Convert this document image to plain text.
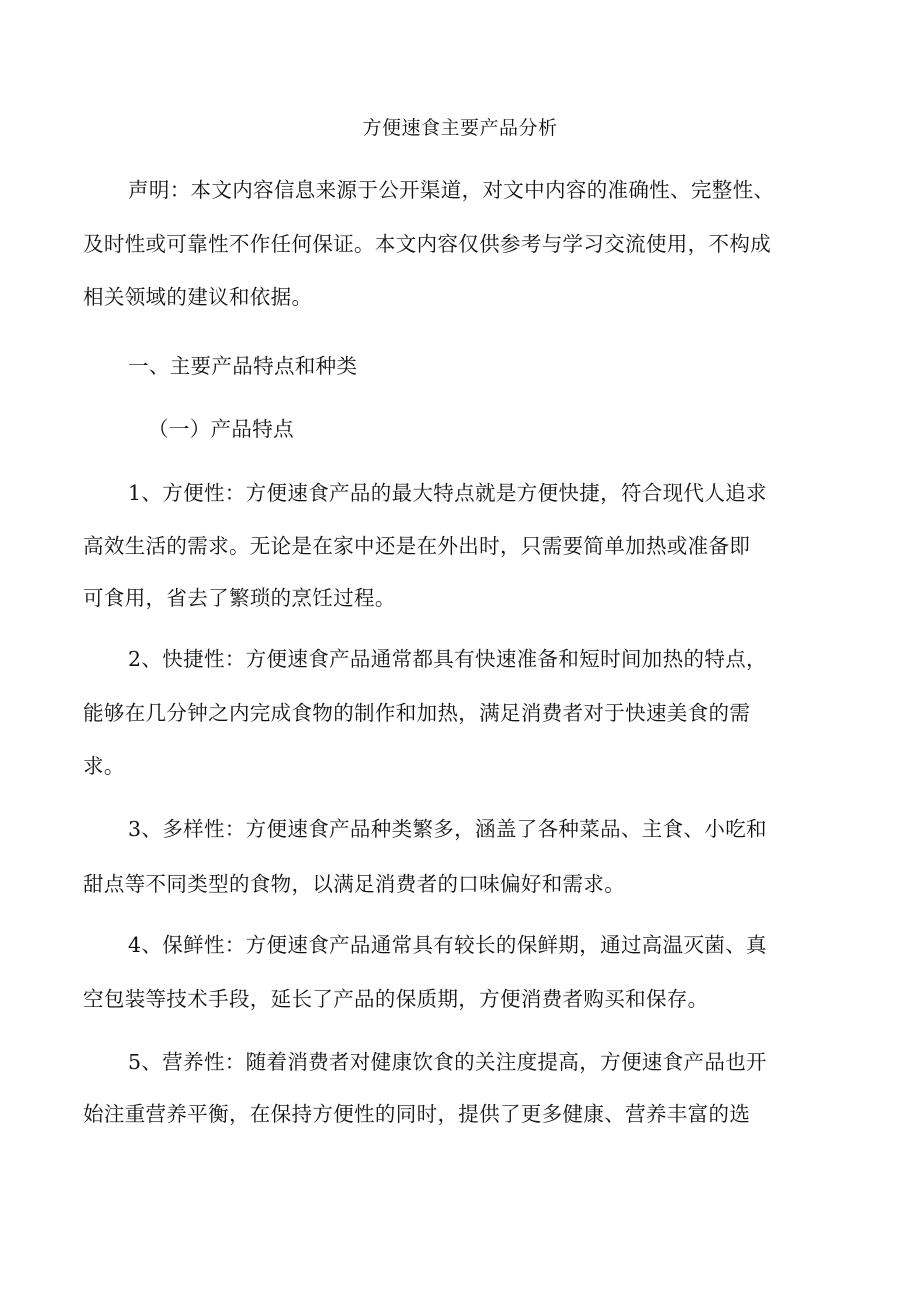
方便速食主要产品分析

声明：本文内容信息来源于公开渠道，对文中内容的准确性、完整性、

及时性或可靠性不作任何保证。本文内容仅供参考与学习交流使用，不构成

相关领域的建议和依据。

一、主要产品特点和种类

（一）产品特点

1、方便性：方便速食产品的最大特点就是方便快捷，符合现代人追求

高效生活的需求。无论是在家中还是在外出时，只需要简单加热或准备即

可食用，省去了繁琐的烹饪过程。

2、快捷性：方便速食产品通常都具有快速准备和短时间加热的特点，

能够在几分钟之内完成食物的制作和加热，满足消费者对于快速美食的需

求。

3、多样性：方便速食产品种类繁多，涵盖了各种菜品、主食、小吃和

甜点等不同类型的食物，以满足消费者的口味偏好和需求。

4、保鲜性：方便速食产品通常具有较长的保鲜期，通过高温灭菌、真

空包装等技术手段，延长了产品的保质期，方便消费者购买和保存。

5、营养性：随着消费者对健康饮食的关注度提高，方便速食产品也开

始注重营养平衡，在保持方便性的同时，提供了更多健康、营养丰富的选
